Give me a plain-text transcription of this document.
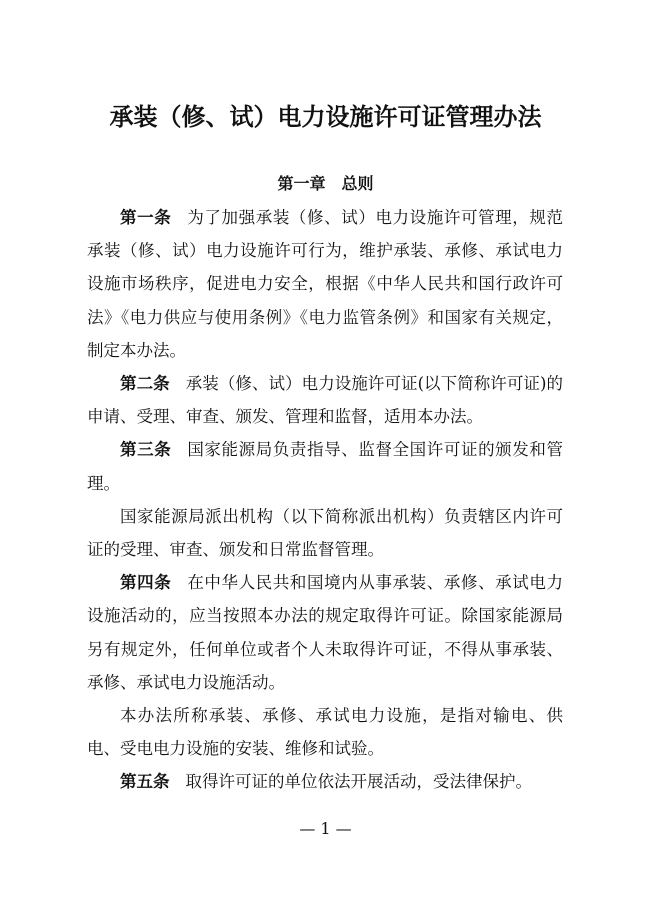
承装（修、试）电力设施许可证管理办法
第一章　总则

第一条 为了加强承装（修、试）电力设施许可管理，规范承装（修、试）电力设施许可行为，维护承装、承修、承试电力设施市场秩序，促进电力安全，根据《中华人民共和国行政许可法》《电力供应与使用条例》《电力监管条例》和国家有关规定，制定本办法。

第二条 承装（修、试）电力设施许可证(以下简称许可证)的申请、受理、审查、颁发、管理和监督，适用本办法。

第三条 国家能源局负责指导、监督全国许可证的颁发和管理。

国家能源局派出机构（以下简称派出机构）负责辖区内许可证的受理、审查、颁发和日常监督管理。

第四条 在中华人民共和国境内从事承装、承修、承试电力设施活动的，应当按照本办法的规定取得许可证。除国家能源局另有规定外，任何单位或者个人未取得许可证，不得从事承装、承修、承试电力设施活动。

本办法所称承装、承修、承试电力设施，是指对输电、供电、受电电力设施的安装、维修和试验。

第五条 取得许可证的单位依法开展活动，受法律保护。

— 1 —
